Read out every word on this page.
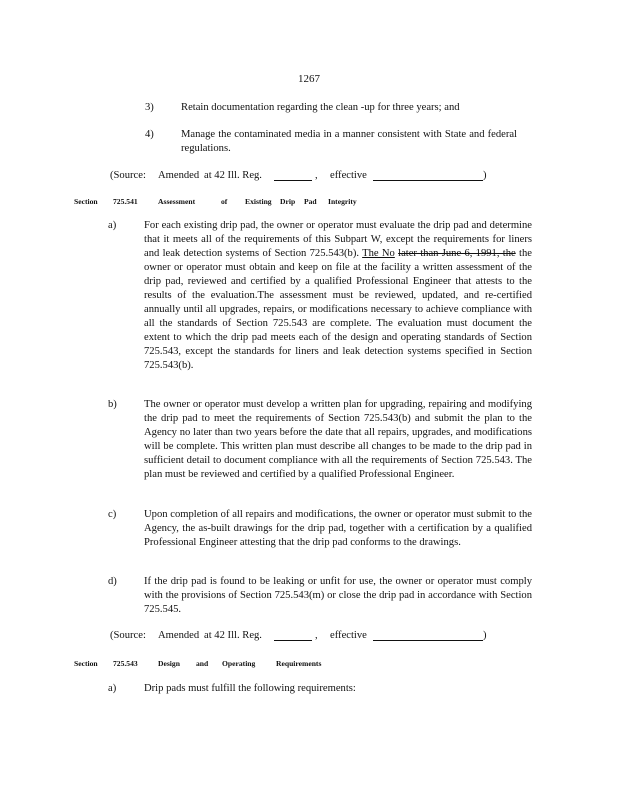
1267
3)	Retain documentation regarding the clean -up for three years; and
4)	Manage the contaminated media in a manner consistent with State and federal regulations.
(Source: Amended at 42 Ill. Reg.	, effective	)
Section 725.541	Assessment	of Existing Drip Pad Integrity
a)	For each existing drip pad, the owner or operator must evaluate the drip pad and determine that it meets all of the requirements of this Subpart W, except the requirements for liners and leak detection systems of Section 725.543(b). The No later than June 6, 1991, the the owner or operator must obtain and keep on file at the facility a written assessment of the drip pad, reviewed and certified by a qualified Professional Engineer that attests to the results of the evaluation.The assessment must be reviewed, updated, and re-certified annually until all upgrades, repairs, or modifications necessary to achieve compliance with all the standards of Section 725.543 are complete. The evaluation must document the extent to which the drip pad meets each of the design and operating standards of Section 725.543, except the standards for liners and leak detection systems specified in Section 725.543(b).
b)	The owner or operator must develop a written plan for upgrading, repairing and modifying the drip pad to meet the requirements of Section 725.543(b) and submit the plan to the Agency no later than two years before the date that all repairs, upgrades, and modifications will be complete. This written plan must describe all changes to be made to the drip pad in sufficient detail to document compliance with all the requirements of Section 725.543. The plan must be reviewed and certified by a qualified Professional Engineer.
c)	Upon completion of all repairs and modifications, the owner or operator must submit to the Agency, the as-built drawings for the drip pad, together with a certification by a qualified Professional Engineer attesting that the drip pad conforms to the drawings.
d)	If the drip pad is found to be leaking or unfit for use, the owner or operator must comply with the provisions of Section 725.543(m) or close the drip pad in accordance with Section 725.545.
(Source: Amended at 42 Ill. Reg.	, effective	)
Section 725.543	Design and Operating	Requirements
a)	Drip pads must fulfill the following requirements:
